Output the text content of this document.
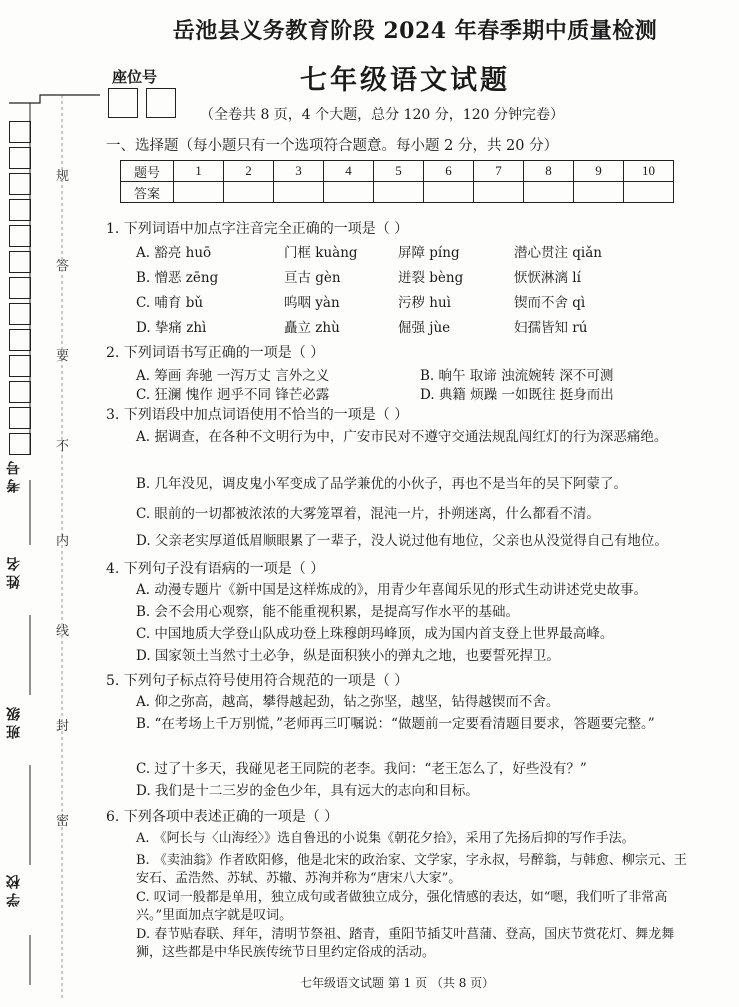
岳池县义务教育阶段 2024 年春季期中质量检测
座位号	七年级语文试题
（全卷共 8 页，4 个大题，总分 120 分，120 分钟完卷）
规
答
要
不
内
线
封
密
考号
姓名
班级
学校
一、选择题（每小题只有一个选项符合题意。每小题 2 分，共 20 分）
题号	1	2	3	4	5	6	7	8	9	10
答案										
1. 下列词语中加点字注音完全正确的一项是（ ）
A. 豁亮 huō	门框 kuàng	屏障 píng	潜心贯注 qiǎn
B. 憎恶 zēng	亘古 gèn	迸裂 bèng	恹恹淋漓 lí
C. 哺育 bǔ	呜咽 yàn	污秽 huì	锲而不舍 qì
D. 挚痛 zhì	矗立 zhù	倔强 jùe	妇孺皆知 rú
2. 下列词语书写正确的一项是（ ）
A. 筹画 奔驰 一泻万丈 言外之义	B. 晌午 取谛 浊流婉转 深不可测
C. 狂澜 愧作 迥乎不同 锋芒必露	D. 典籍 烦躁 一如既往 挺身而出
3. 下列语段中加点词语使用不恰当的一项是（ ）
A. 据调查，在各种不文明行为中，广安市民对不遵守交通法规乱闯红灯的行为深恶痛绝。
B. 几年没见，调皮鬼小军变成了品学兼优的小伙子，再也不是当年的吴下阿蒙了。
C. 眼前的一切都被浓浓的大雾笼罩着，混沌一片，扑朔迷离，什么都看不清。
D. 父亲老实厚道低眉顺眼累了一辈子，没人说过他有地位，父亲也从没觉得自己有地位。
4. 下列句子没有语病的一项是（ ）
A. 动漫专题片《新中国是这样炼成的》，用青少年喜闻乐见的形式生动讲述党史故事。
B. 会不会用心观察，能不能重视积累，是提高写作水平的基础。
C. 中国地质大学登山队成功登上珠穆朗玛峰顶，成为国内首支登上世界最高峰。
D. 国家领土当然寸土必争，纵是面积狭小的弹丸之地，也要誓死捍卫。
5. 下列句子标点符号使用符合规范的一项是（ ）
A. 仰之弥高，越高，攀得越起劲，钻之弥坚，越坚，钻得越锲而不舍。
B. “在考场上千万别慌，”老师再三叮嘱说：“做题前一定要看清题目要求，答题要完整。”
C. 过了十多天，我碰见老王同院的老李。我问：“老王怎么了，好些没有？”
D. 我们是十二三岁的金色少年，具有远大的志向和目标。
6. 下列各项中表述正确的一项是（ ）
A. 《阿长与〈山海经〉》选自鲁迅的小说集《朝花夕拾》，采用了先扬后抑的写作手法。
B. 《卖油翁》作者欧阳修，他是北宋的政治家、文学家，字永叔，号醉翁，与韩愈、柳宗元、王安石、孟浩然、苏轼、苏辙、苏洵并称为“唐宋八大家”。
C. 叹词一般都是单用，独立成句或者做独立成分，强化情感的表达，如“嗯，我们听了非常高兴。”里面加点字就是叹词。
D. 春节贴春联、拜年，清明节祭祖、踏青，重阳节插艾叶菖蒲、登高，国庆节赏花灯、舞龙舞狮，这些都是中华民族传统节日里约定俗成的活动。
七年级语文试题 第 1 页 （共 8 页）
